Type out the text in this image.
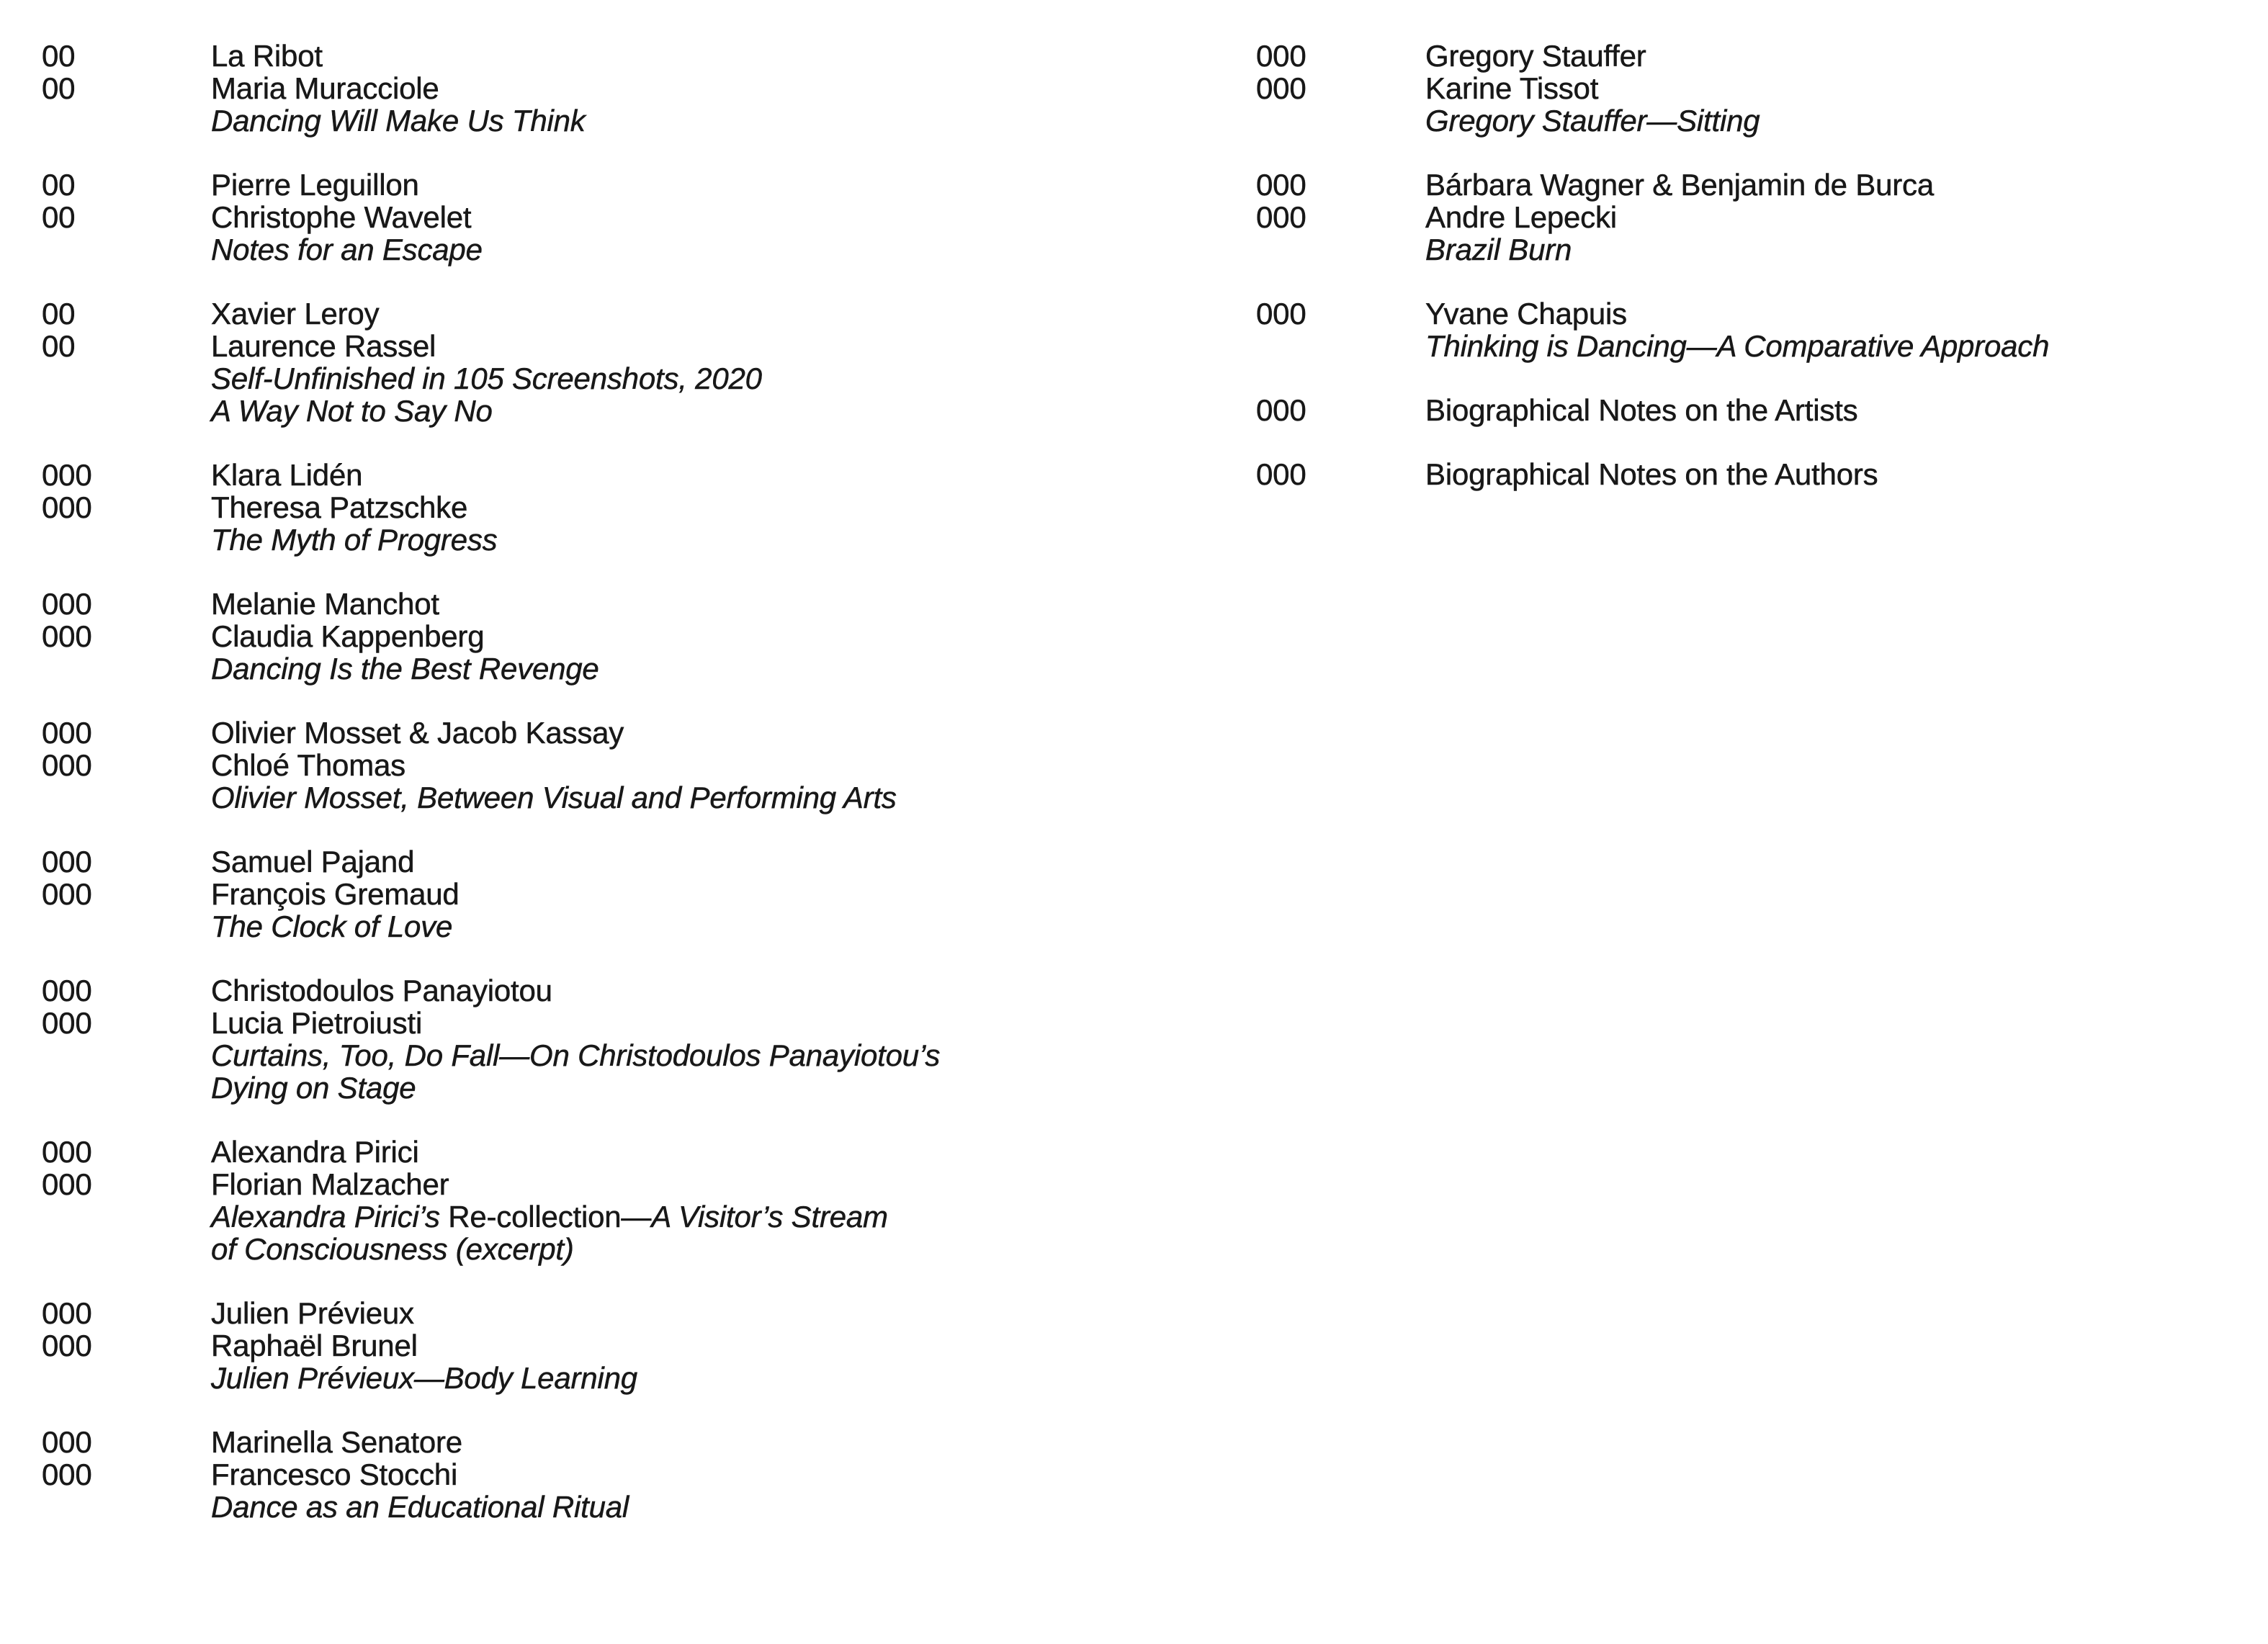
00	La Ribot
00	Maria Muracciole
Dancing Will Make Us Think
00	Pierre Leguillon
00	Christophe Wavelet
Notes for an Escape
00	Xavier Leroy
00	Laurence Rassel
Self-Unfinished in 105 Screenshots, 2020
A Way Not to Say No
000	Klara Lidén
000	Theresa Patzschke
The Myth of Progress
000	Melanie Manchot
000	Claudia Kappenberg
Dancing Is the Best Revenge
000	Olivier Mosset & Jacob Kassay
000	Chloé Thomas
Olivier Mosset, Between Visual and Performing Arts
000	Samuel Pajand
000	François Gremaud
The Clock of Love
000	Christodoulos Panayiotou
000	Lucia Pietroiusti
Curtains, Too, Do Fall—On Christodoulos Panayiotou’s
Dying on Stage
000	Alexandra Pirici
000	Florian Malzacher
Alexandra Pirici’s Re-collection—A Visitor’s Stream
of Consciousness (excerpt)
000	Julien Prévieux
000	Raphaël Brunel
Julien Prévieux—Body Learning
000	Marinella Senatore
000	Francesco Stocchi
Dance as an Educational Ritual
000	Gregory Stauffer
000	Karine Tissot
Gregory Stauffer—Sitting
000	Bárbara Wagner & Benjamin de Burca
000	Andre Lepecki
Brazil Burn
000	Yvane Chapuis
Thinking is Dancing—A Comparative Approach
000	Biographical Notes on the Artists
000	Biographical Notes on the Authors
